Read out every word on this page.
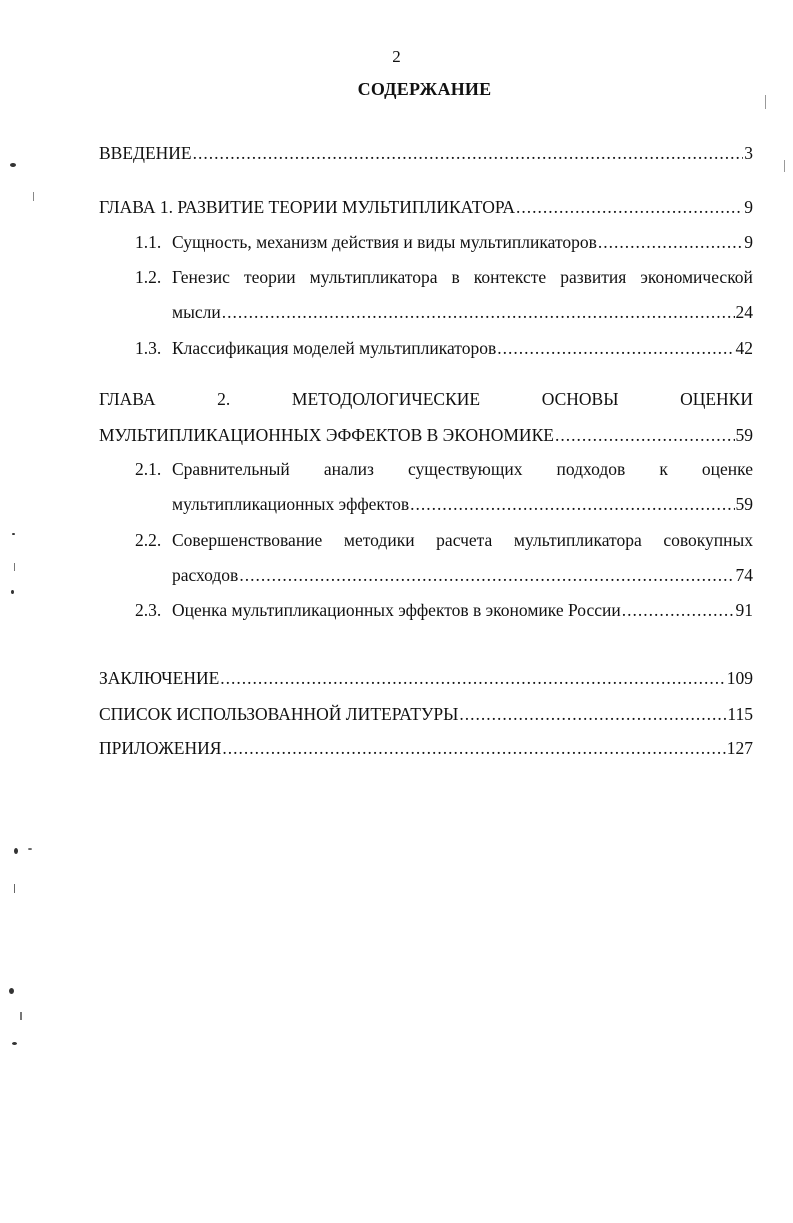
2
СОДЕРЖАНИЕ
ВВЕДЕНИЕ .....	3
ГЛАВА 1. РАЗВИТИЕ ТЕОРИИ МУЛЬТИПЛИКАТОРА .....	9
1.1. Сущность, механизм действия и виды мультипликаторов .....	9
1.2. Генезис теории мультипликатора в контексте развития экономической
мысли .....	24
1.3. Классификация моделей мультипликаторов .....	42
ГЛАВА	2.	МЕТОДОЛОГИЧЕСКИЕ	ОСНОВЫ	ОЦЕНКИ
МУЛЬТИПЛИКАЦИОННЫХ ЭФФЕКТОВ В ЭКОНОМИКЕ .....	59
2.1. Сравнительный анализ существующих подходов к оценке
мультипликационных эффектов .....	59
2.2. Совершенствование методики расчета мультипликатора совокупных
расходов .....	74
2.3. Оценка мультипликационных эффектов в экономике России .....	91
ЗАКЛЮЧЕНИЕ .....	109
СПИСОК ИСПОЛЬЗОВАННОЙ ЛИТЕРАТУРЫ .....	115
ПРИЛОЖЕНИЯ .....	127
